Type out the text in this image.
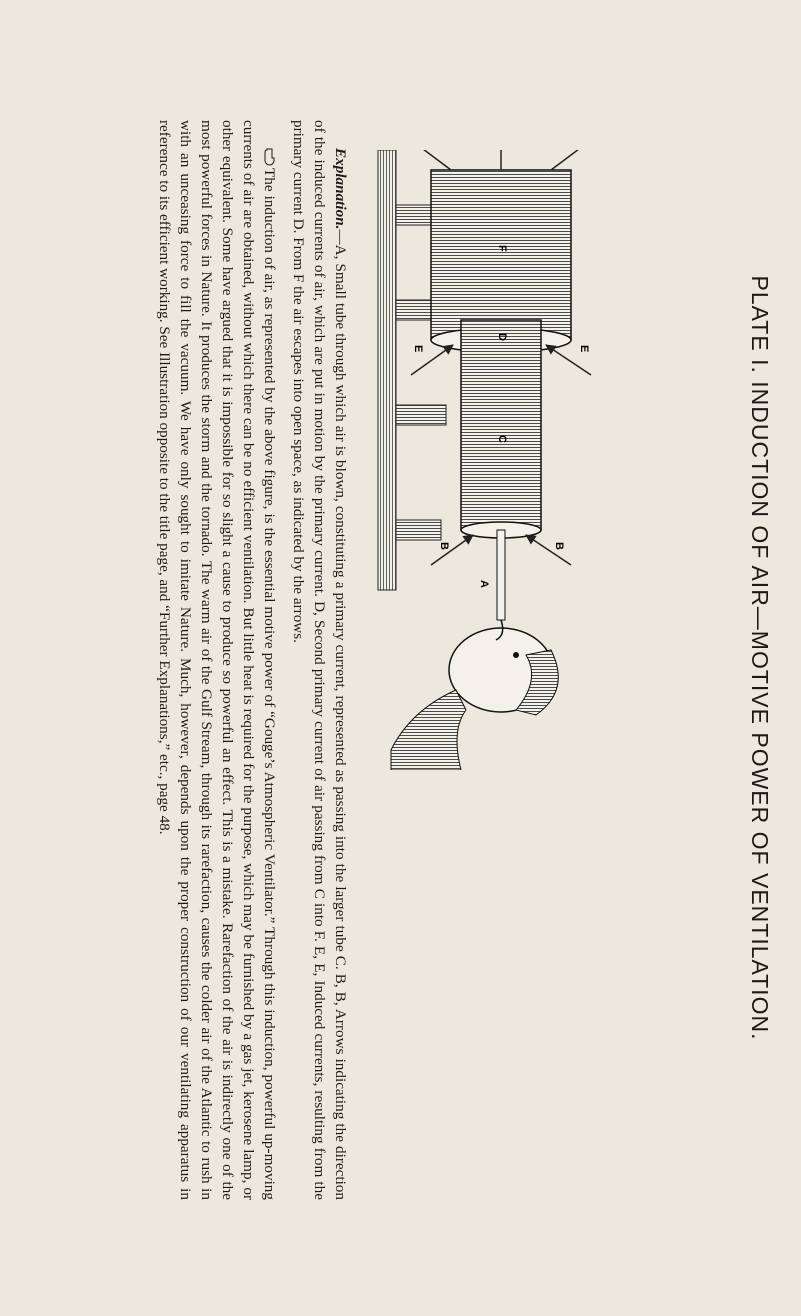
PLATE I. INDUCTION OF AIR—MOTIVE POWER OF VENTILATION.
F
D
E
E
C
B
B
A

Explanation.—A, Small tube through which air is blown, constituting a primary current, represented as passing into the larger tube C. B, B, Arrows indicating the direction of the induced currents of air, which are put in motion by the primary current. D, Second primary current of air passing from C into F. E, E, Induced currents, resulting from the primary current D. From F the air escapes into open space, as indicated by the arrows.

The induction of air, as represented by the above figure, is the essential motive power of “Gouge’s Atmospheric Ventilator.” Through this induction, powerful up-moving currents of air are obtained, without which there can be no efficient ventilation. But little heat is required for the purpose, which may be furnished by a gas jet, kerosene lamp, or other equivalent. Some have argued that it is impossible for so slight a cause to produce so powerful an effect. This is a mistake. Rarefaction of the air is indirectly one of the most powerful forces in Nature. It produces the storm and the tornado. The warm air of the Gulf Stream, through its rarefaction, causes the colder air of the Atlantic to rush in with an unceasing force to fill the vacuum. We have only sought to imitate Nature. Much, however, depends upon the proper construction of our ventilating apparatus in reference to its efficient working. See Illustration opposite to the title page, and “Further Explanations,” etc., page 48.
